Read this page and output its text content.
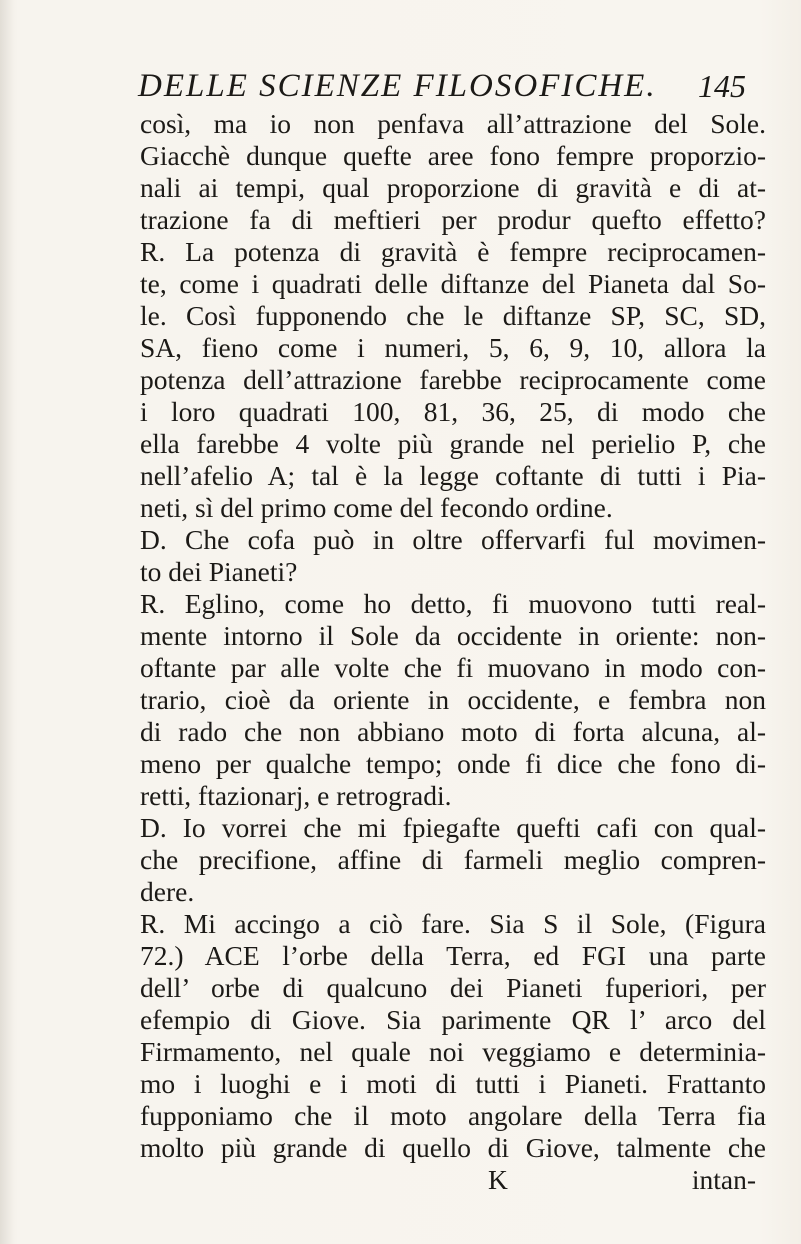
DELLE SCIENZE FILOSOFICHE. 145
così, ma io non penfava all’attrazione del Sole.
Giacchè dunque quefte aree fono fempre proporzio-
nali ai tempi, qual proporzione di gravità e di at-
trazione fa di meftieri per produr quefto effetto?
R. La potenza di gravità è fempre reciprocamen-
te, come i quadrati delle diftanze del Pianeta dal So-
le. Così fupponendo che le diftanze SP, SC, SD,
SA, fieno come i numeri, 5, 6, 9, 10, allora la
potenza dell’attrazione farebbe reciprocamente come
i loro quadrati 100, 81, 36, 25, di modo che
ella farebbe 4 volte più grande nel perielio P, che
nell’afelio A; tal è la legge coftante di tutti i Pia-
neti, sì del primo come del fecondo ordine.
D. Che cofa può in oltre offervarfi ful movimen-
to dei Pianeti?
R. Eglino, come ho detto, fi muovono tutti real-
mente intorno il Sole da occidente in oriente: non-
oftante par alle volte che fi muovano in modo con-
trario, cioè da oriente in occidente, e fembra non
di rado che non abbiano moto di forta alcuna, al-
meno per qualche tempo; onde fi dice che fono di-
retti, ftazionarj, e retrogradi.
D. Io vorrei che mi fpiegafte quefti cafi con qual-
che precifione, affine di farmeli meglio compren-
dere.
R. Mi accingo a ciò fare. Sia S il Sole, (Figura
72.) ACE l’orbe della Terra, ed FGI una parte
dell’ orbe di qualcuno dei Pianeti fuperiori, per
efempio di Giove. Sia parimente QR l’ arco del
Firmamento, nel quale noi veggiamo e determinia-
mo i luoghi e i moti di tutti i Pianeti. Frattanto
fupponiamo che il moto angolare della Terra fia
molto più grande di quello di Giove, talmente che
K	intan-
